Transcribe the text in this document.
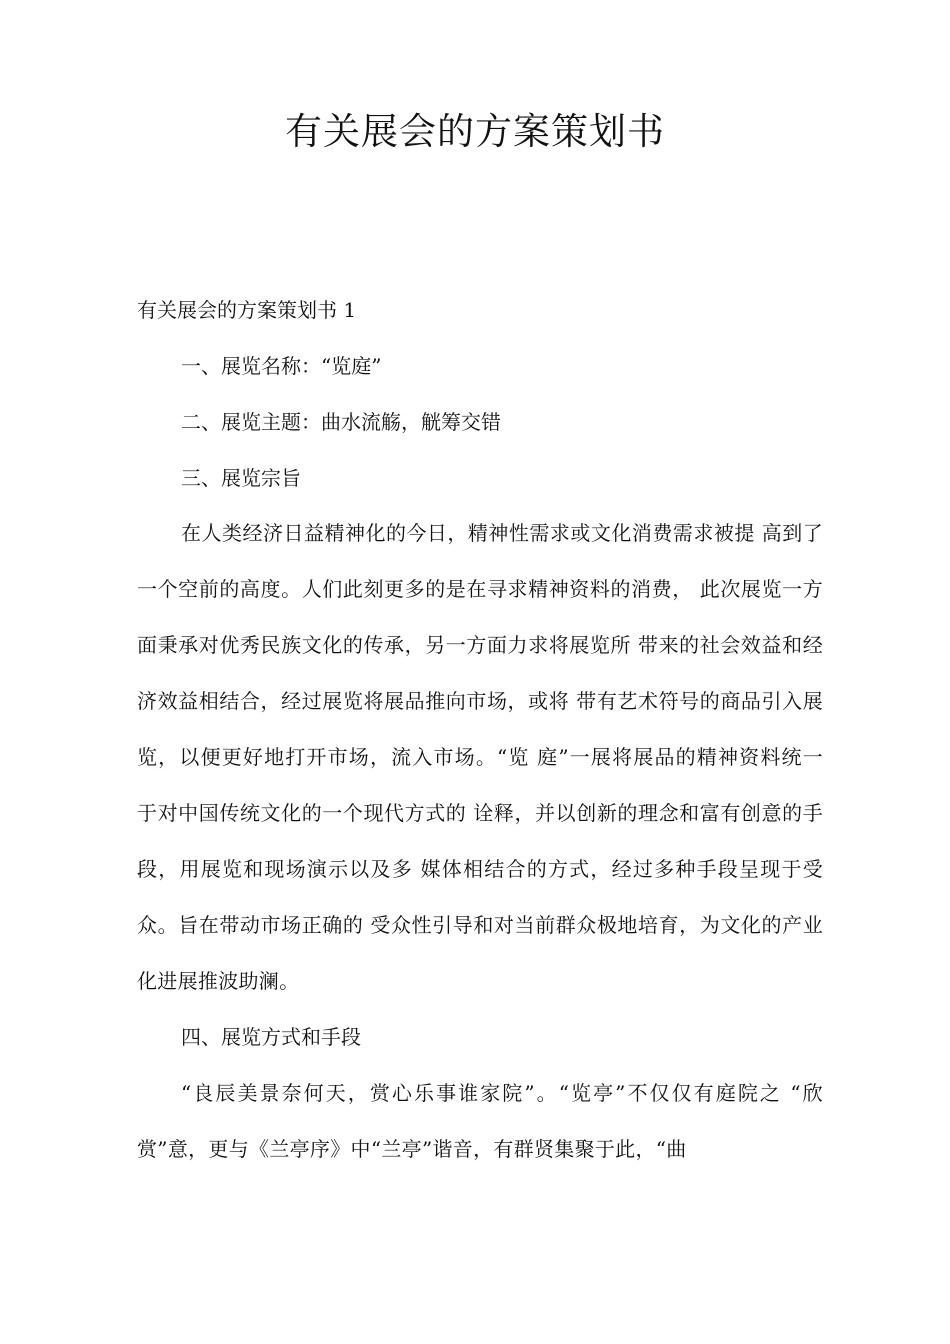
有关展会的方案策划书

有关展会的方案策划书 1

一、展览名称：“览庭”

二、展览主题：曲水流觞，觥筹交错

三、展览宗旨

在人类经济日益精神化的今日，精神性需求或文化消费需求被提 高到了
一个空前的高度。人们此刻更多的是在寻求精神资料的消费， 此次展览一方
面秉承对优秀民族文化的传承，另一方面力求将展览所 带来的社会效益和经
济效益相结合，经过展览将展品推向市场，或将 带有艺术符号的商品引入展
览，以便更好地打开市场，流入市场。“览 庭”一展将展品的精神资料统一
于对中国传统文化的一个现代方式的 诠释，并以创新的理念和富有创意的手
段，用展览和现场演示以及多 媒体相结合的方式，经过多种手段呈现于受
众。旨在带动市场正确的 受众性引导和对当前群众极地培育，为文化的产业
化进展推波助澜。

四、展览方式和手段

“良辰美景奈何天，赏心乐事谁家院”。“览亭”不仅仅有庭院之 “欣
赏”意，更与《兰亭序》中“兰亭”谐音，有群贤集聚于此，“曲
